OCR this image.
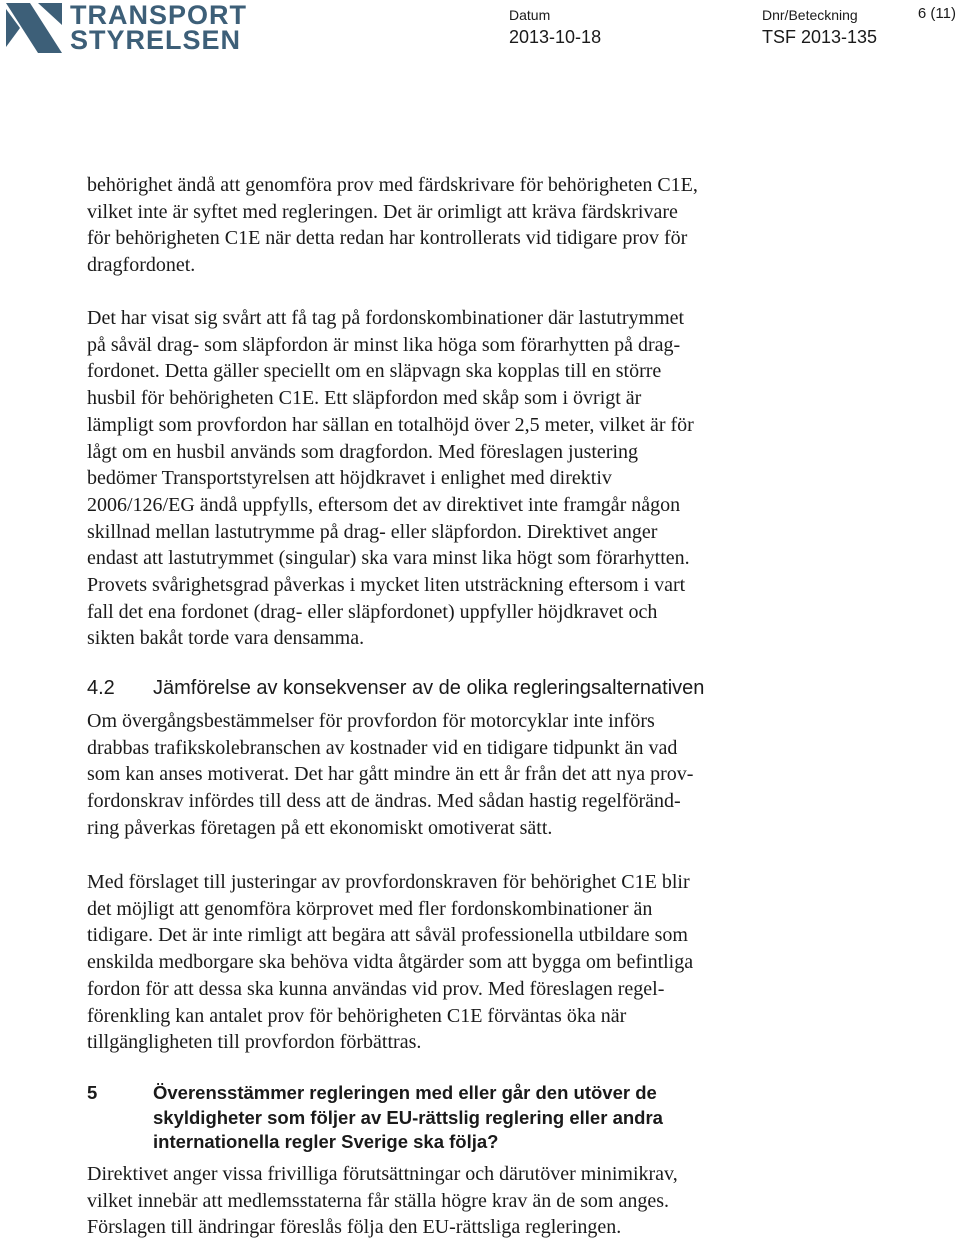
TRANSPORT
STYRELSEN
Datum
2013-10-18
Dnr/Beteckning
TSF 2013-135
6 (11)

behörighet ändå att genomföra prov med färdskrivare för behörigheten C1E,
vilket inte är syftet med regleringen. Det är orimligt att kräva färdskrivare
för behörigheten C1E när detta redan har kontrollerats vid tidigare prov för
dragfordonet.

Det har visat sig svårt att få tag på fordonskombinationer där lastutrymmet
på såväl drag- som släpfordon är minst lika höga som förarhytten på drag-
fordonet. Detta gäller speciellt om en släpvagn ska kopplas till en större
husbil för behörigheten C1E. Ett släpfordon med skåp som i övrigt är
lämpligt som provfordon har sällan en totalhöjd över 2,5 meter, vilket är för
lågt om en husbil används som dragfordon. Med föreslagen justering
bedömer Transportstyrelsen att höjdkravet i enlighet med direktiv
2006/126/EG ändå uppfylls, eftersom det av direktivet inte framgår någon
skillnad mellan lastutrymme på drag- eller släpfordon. Direktivet anger
endast att lastutrymmet (singular) ska vara minst lika högt som förarhytten.
Provets svårighetsgrad påverkas i mycket liten utsträckning eftersom i vart
fall det ena fordonet (drag- eller släpfordonet) uppfyller höjdkravet och
sikten bakåt torde vara densamma.

4.2 Jämförelse av konsekvenser av de olika regleringsalternativen

Om övergångsbestämmelser för provfordon för motorcyklar inte införs
drabbas trafikskolebranschen av kostnader vid en tidigare tidpunkt än vad
som kan anses motiverat. Det har gått mindre än ett år från det att nya prov-
fordonskrav infördes till dess att de ändras. Med sådan hastig regelföränd-
ring påverkas företagen på ett ekonomiskt omotiverat sätt.

Med förslaget till justeringar av provfordonskraven för behörighet C1E blir
det möjligt att genomföra körprovet med fler fordonskombinationer än
tidigare. Det är inte rimligt att begära att såväl professionella utbildare som
enskilda medborgare ska behöva vidta åtgärder som att bygga om befintliga
fordon för att dessa ska kunna användas vid prov. Med föreslagen regel-
förenkling kan antalet prov för behörigheten C1E förväntas öka när
tillgängligheten till provfordon förbättras.

5	Överensstämmer regleringen med eller går den utöver de
skyldigheter som följer av EU-rättslig reglering eller andra
internationella regler Sverige ska följa?

Direktivet anger vissa frivilliga förutsättningar och därutöver minimikrav,
vilket innebär att medlemsstaterna får ställa högre krav än de som anges.
Förslagen till ändringar föreslås följa den EU-rättsliga regleringen.
